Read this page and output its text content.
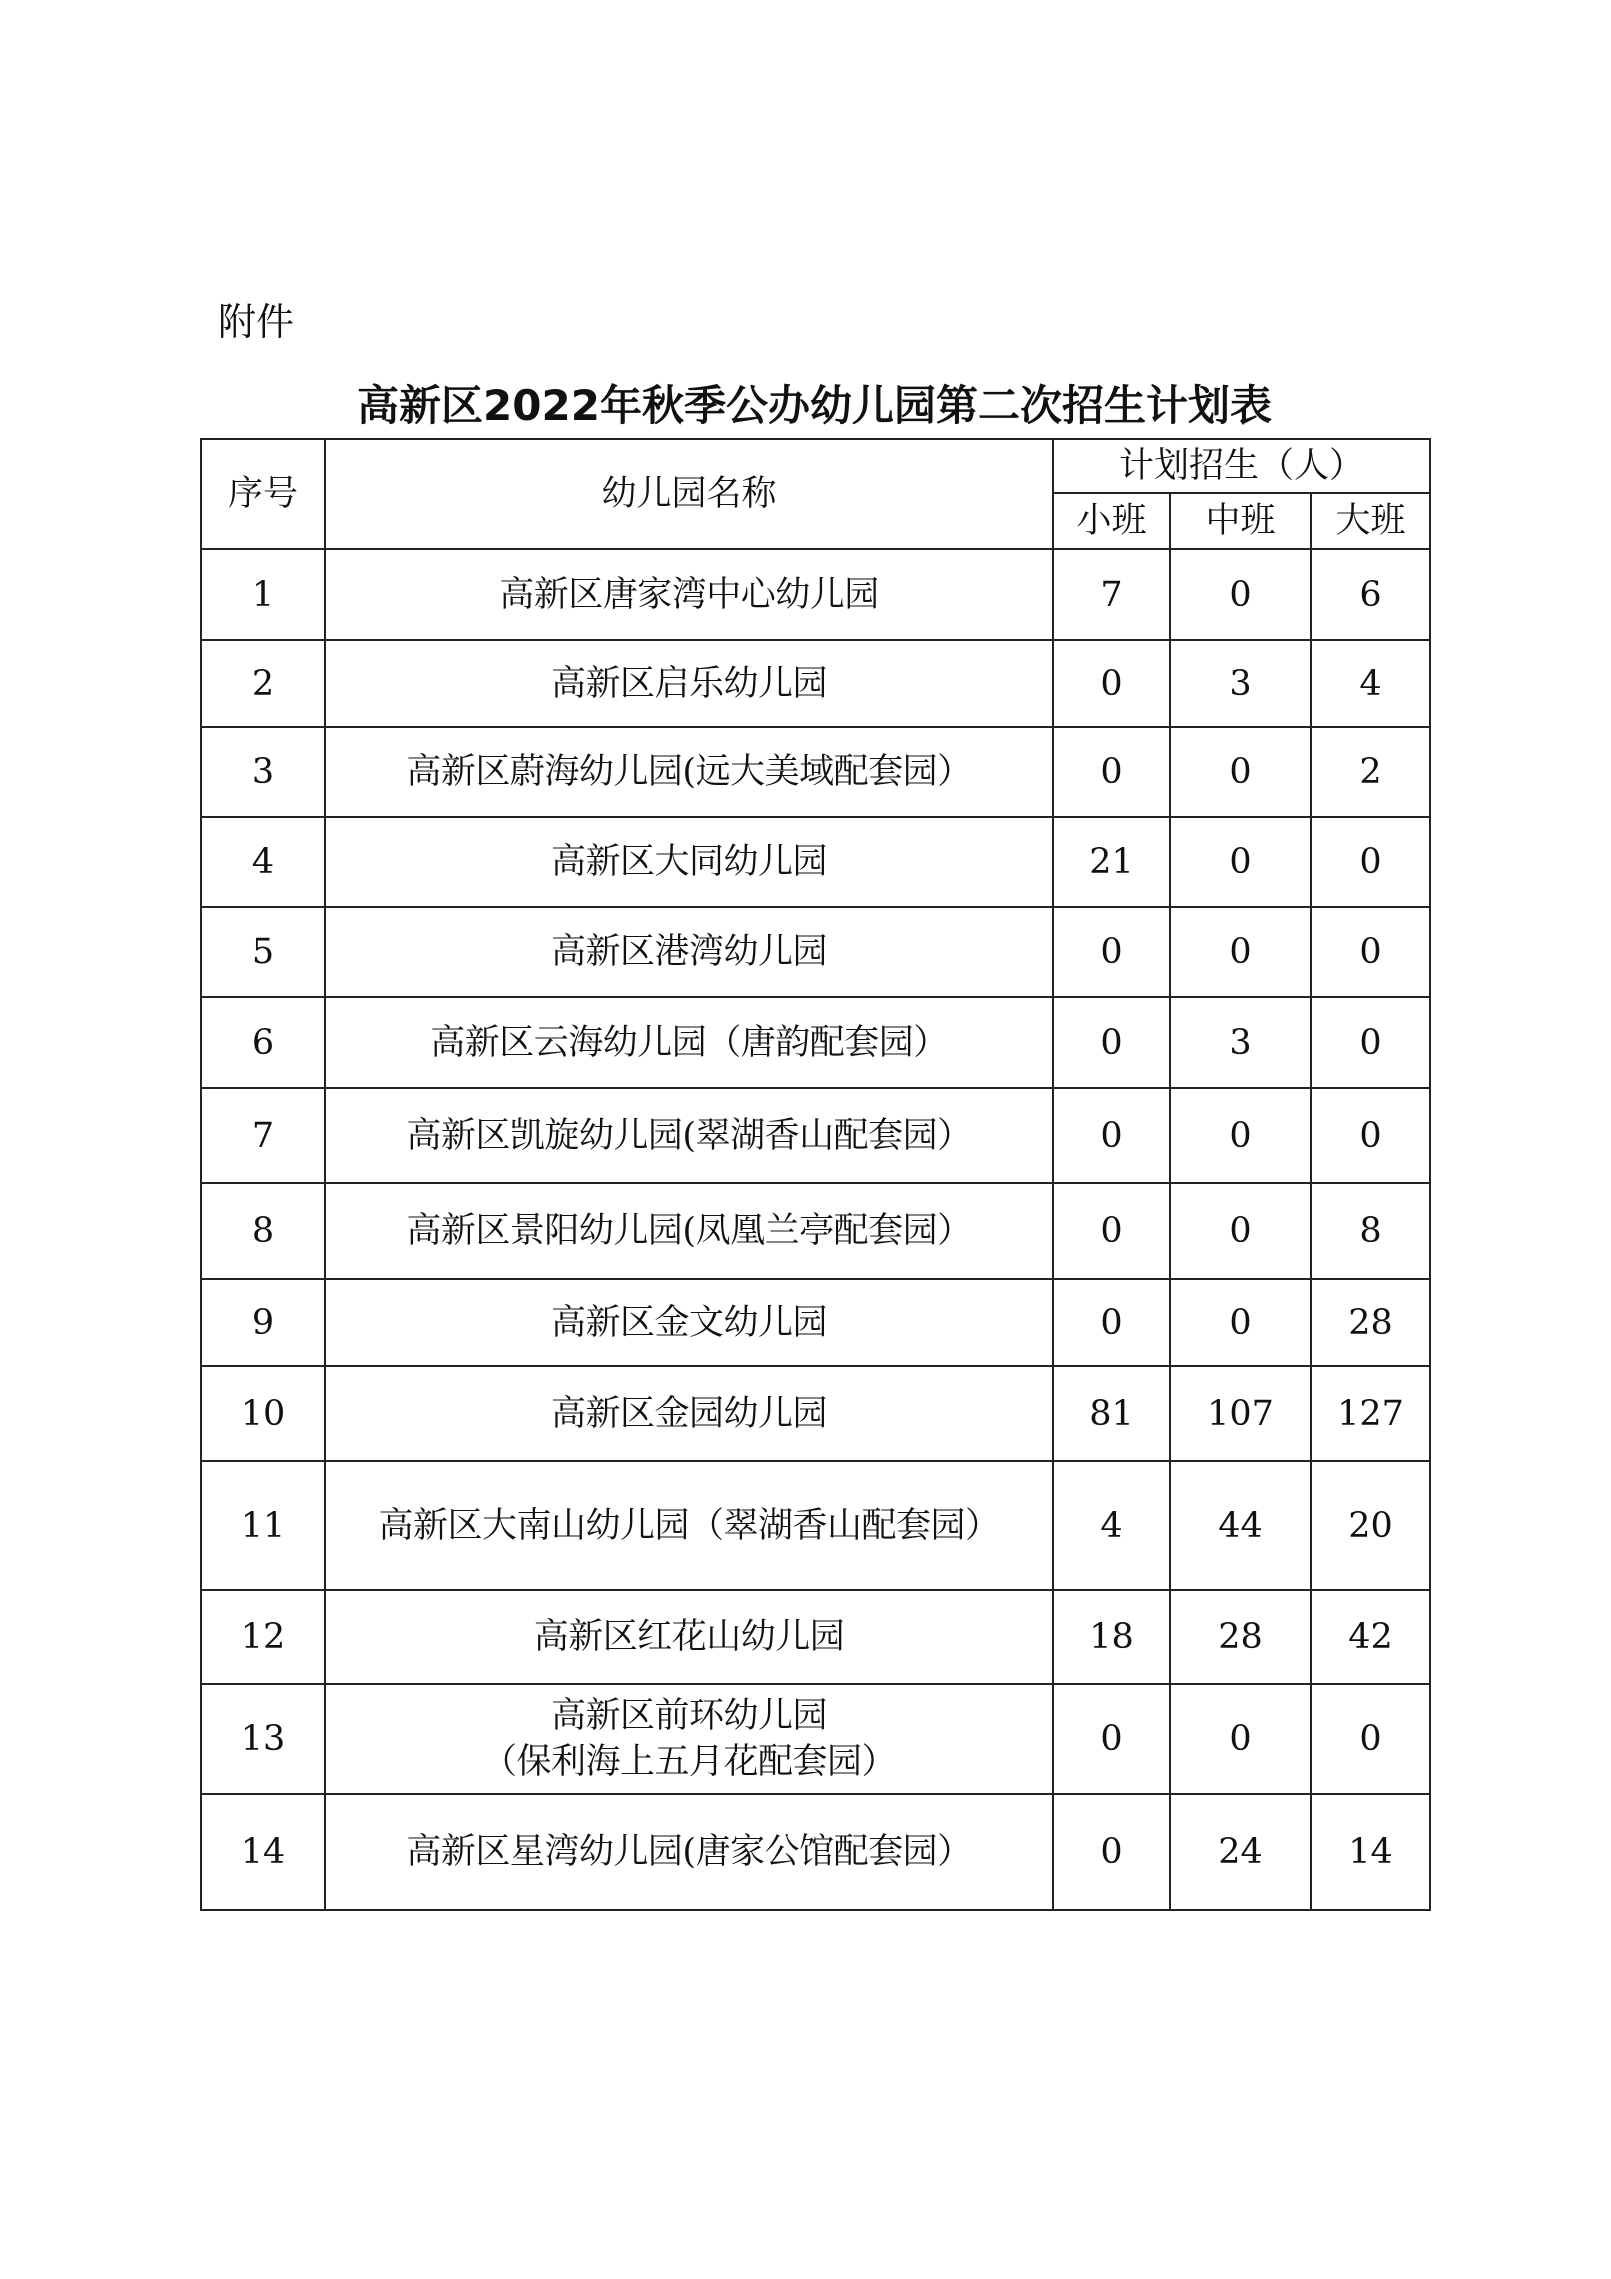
附件
高新区2022年秋季公办幼儿园第二次招生计划表
序号	幼儿园名称	计划招生（人）		
		小班	中班	大班
1	高新区唐家湾中心幼儿园	7	0	6
2	高新区启乐幼儿园	0	3	4
3	高新区蔚海幼儿园(远大美域配套园）	0	0	2
4	高新区大同幼儿园	21	0	0
5	高新区港湾幼儿园	0	0	0
6	高新区云海幼儿园（唐韵配套园）	0	3	0
7	高新区凯旋幼儿园(翠湖香山配套园）	0	0	0
8	高新区景阳幼儿园(凤凰兰亭配套园）	0	0	8
9	高新区金文幼儿园	0	0	28
10	高新区金园幼儿园	81	107	127
11	高新区大南山幼儿园（翠湖香山配套园）	4	44	20
12	高新区红花山幼儿园	18	28	42
13	高新区前环幼儿园
（保利海上五月花配套园）	0	0	0
14	高新区星湾幼儿园(唐家公馆配套园）	0	24	14
